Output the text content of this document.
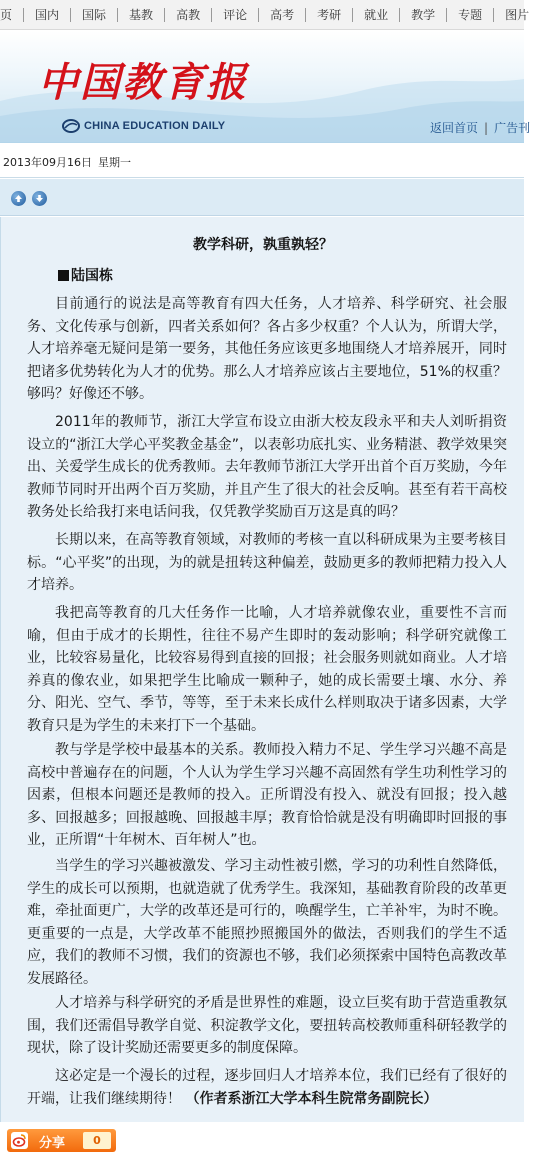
页	国内	国际	基教	高教	评论	高考	考研	就业	教学	专题	图片
中国教育报
CHINA EDUCATION DAILY	返回首页 | 广告刊
2013年09月16日 星期一
教学科研，孰重孰轻？
陆国栋
目前通行的说法是高等教育有四大任务，人才培养、科学研究、社会服务、文化传承与创新，四者关系如何？各占多少权重？个人认为，所谓大学，人才培养毫无疑问是第一要务，其他任务应该更多地围绕人才培养展开，同时把诸多优势转化为人才的优势。那么人才培养应该占主要地位，51%的权重？够吗？好像还不够。
2011年的教师节，浙江大学宣布设立由浙大校友段永平和夫人刘昕捐资设立的“浙江大学心平奖教金基金”，以表彰功底扎实、业务精湛、教学效果突出、关爱学生成长的优秀教师。去年教师节浙江大学开出首个百万奖励，今年教师节同时开出两个百万奖励，并且产生了很大的社会反响。甚至有若干高校教务处长给我打来电话问我，仅凭教学奖励百万这是真的吗？
长期以来，在高等教育领域，对教师的考核一直以科研成果为主要考核目标。“心平奖”的出现，为的就是扭转这种偏差，鼓励更多的教师把精力投入人才培养。
我把高等教育的几大任务作一比喻，人才培养就像农业，重要性不言而喻，但由于成才的长期性，往往不易产生即时的轰动影响；科学研究就像工业，比较容易量化，比较容易得到直接的回报；社会服务则就如商业。人才培养真的像农业，如果把学生比喻成一颗种子，她的成长需要土壤、水分、养分、阳光、空气、季节，等等，至于未来长成什么样则取决于诸多因素，大学教育只是为学生的未来打下一个基础。
教与学是学校中最基本的关系。教师投入精力不足、学生学习兴趣不高是高校中普遍存在的问题，个人认为学生学习兴趣不高固然有学生功利性学习的因素，但根本问题还是教师的投入。正所谓没有投入、就没有回报；投入越多、回报越多；回报越晚、回报越丰厚；教育恰恰就是没有明确即时回报的事业，正所谓“十年树木、百年树人”也。
当学生的学习兴趣被激发、学习主动性被引燃，学习的功利性自然降低，学生的成长可以预期，也就造就了优秀学生。我深知，基础教育阶段的改革更难，牵扯面更广，大学的改革还是可行的，唤醒学生，亡羊补牢，为时不晚。更重要的一点是，大学改革不能照抄照搬国外的做法，否则我们的学生不适应，我们的教师不习惯，我们的资源也不够，我们必须探索中国特色高教改革发展路径。
人才培养与科学研究的矛盾是世界性的难题，设立巨奖有助于营造重教氛围，我们还需倡导教学自觉、积淀教学文化，要扭转高校教师重科研轻教学的现状，除了设计奖励还需要更多的制度保障。
这必定是一个漫长的过程，逐步回归人才培养本位，我们已经有了很好的开端，让我们继续期待！ （作者系浙江大学本科生院常务副院长）
分享	0
